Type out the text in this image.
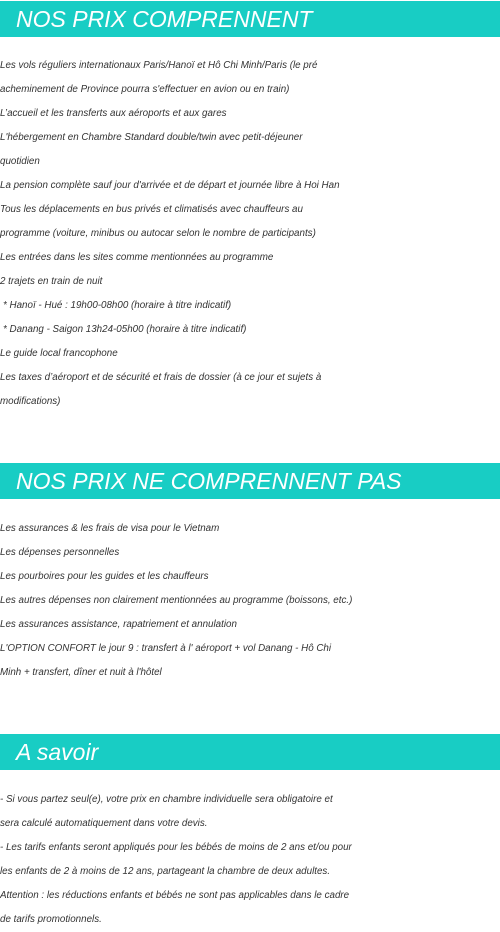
NOS PRIX COMPRENNENT
Les vols réguliers internationaux Paris/Hanoï et Hô Chi Minh/Paris (le pré
acheminement de Province pourra s'effectuer en avion ou en train)
L’accueil et les transferts aux aéroports et aux gares
L'hébergement en Chambre Standard double/twin avec petit-déjeuner
quotidien
La pension complète sauf jour d'arrivée et de départ et journée libre à Hoi Han
Tous les déplacements en bus privés et climatisés avec chauffeurs au
programme (voiture, minibus ou autocar selon le nombre de participants)
Les entrées dans les sites comme mentionnées au programme
2 trajets en train de nuit
* Hanoï - Hué : 19h00-08h00 (horaire à titre indicatif)
* Danang - Saigon 13h24-05h00 (horaire à titre indicatif)
Le guide local francophone
Les taxes d’aéroport et de sécurité et frais de dossier (à ce jour et sujets à
modifications)
NOS PRIX NE COMPRENNENT PAS
Les assurances & les frais de visa pour le Vietnam
Les dépenses personnelles
Les pourboires pour les guides et les chauffeurs
Les autres dépenses non clairement mentionnées au programme (boissons, etc.)
Les assurances assistance, rapatriement et annulation
L'OPTION CONFORT le jour 9 : transfert à l' aéroport + vol Danang - Hô Chi
Minh + transfert, dîner et nuit à l'hôtel
A savoir
- Si vous partez seul(e), votre prix en chambre individuelle sera obligatoire et
sera calculé automatiquement dans votre devis.
- Les tarifs enfants seront appliqués pour les bébés de moins de 2 ans et/ou pour
les enfants de 2 à moins de 12 ans, partageant la chambre de deux adultes.
Attention : les réductions enfants et bébés ne sont pas applicables dans le cadre
de tarifs promotionnels.
